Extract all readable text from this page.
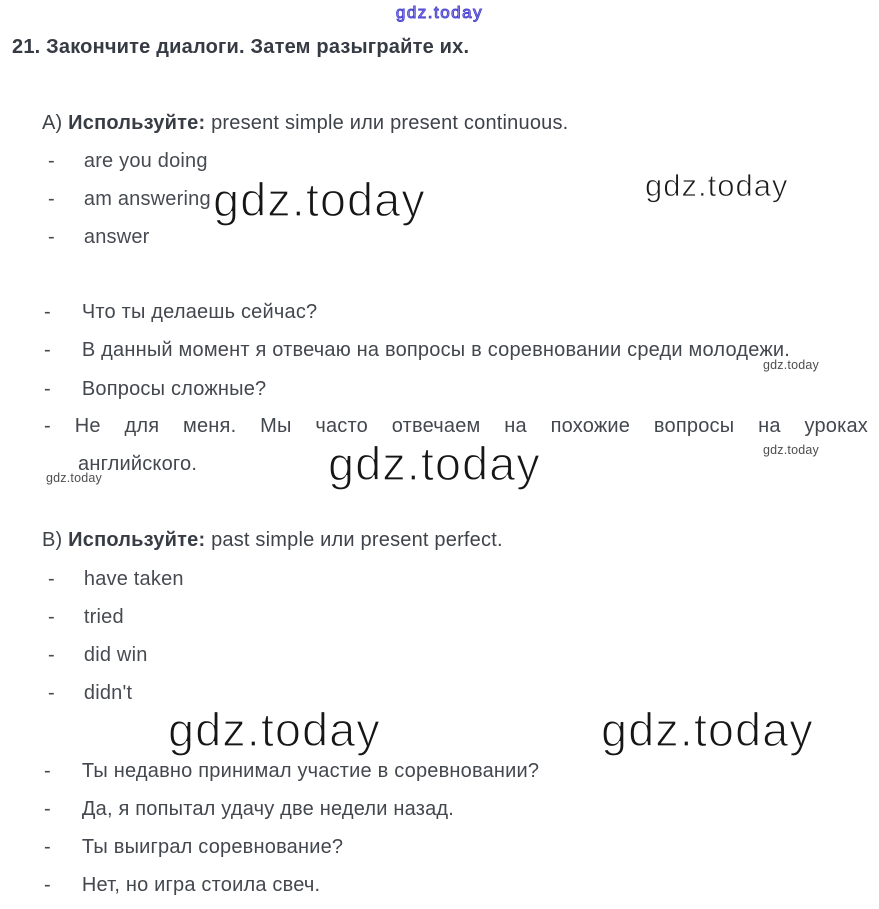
gdz.today
gdz.today	gdz.today
gdz.today
gdz.today	gdz.today
gdz.today
gdz.today	gdz.today
21. Закончите диалоги. Затем разыграйте их.
A) Используйте: present simple или present continuous.
- are you doing
- am answering
- answer
- Что ты делаешь сейчас?
- В данный момент я отвечаю на вопросы в соревновании среди молодежи.
- Вопросы сложные?
- Не для меня. Мы часто отвечаем на похожие вопросы на уроках
английского.
B) Используйте: past simple или present perfect.
- have taken
- tried
- did win
- didn't
- Ты недавно принимал участие в соревновании?
- Да, я попытал удачу две недели назад.
- Ты выиграл соревнование?
- Нет, но игра стоила свеч.
